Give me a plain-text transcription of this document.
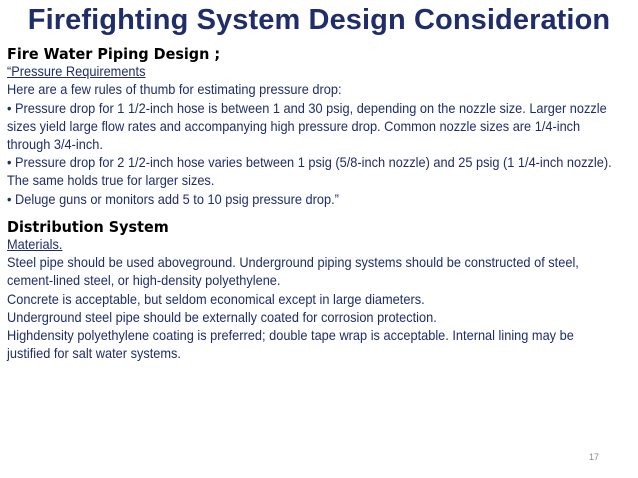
Firefighting System Design Consideration
Fire Water Piping Design ;
“Pressure Requirements
Here are a few rules of thumb for estimating pressure drop:
• Pressure drop for 1 1/2-inch hose is between 1 and 30 psig, depending on the nozzle size. Larger nozzle
sizes yield large flow rates and accompanying high pressure drop. Common nozzle sizes are 1/4-inch
through 3/4-inch.
• Pressure drop for 2 1/2-inch hose varies between 1 psig (5/8-inch nozzle) and 25 psig (1 1/4-inch nozzle).
The same holds true for larger sizes.
• Deluge guns or monitors add 5 to 10 psig pressure drop.”
Distribution System
Materials.
Steel pipe should be used aboveground. Underground piping systems should be constructed of steel,
cement-lined steel, or high-density polyethylene.
Concrete is acceptable, but seldom economical except in large diameters.
Underground steel pipe should be externally coated for corrosion protection.
Highdensity polyethylene coating is preferred; double tape wrap is acceptable. Internal lining may be
justified for salt water systems.
17
